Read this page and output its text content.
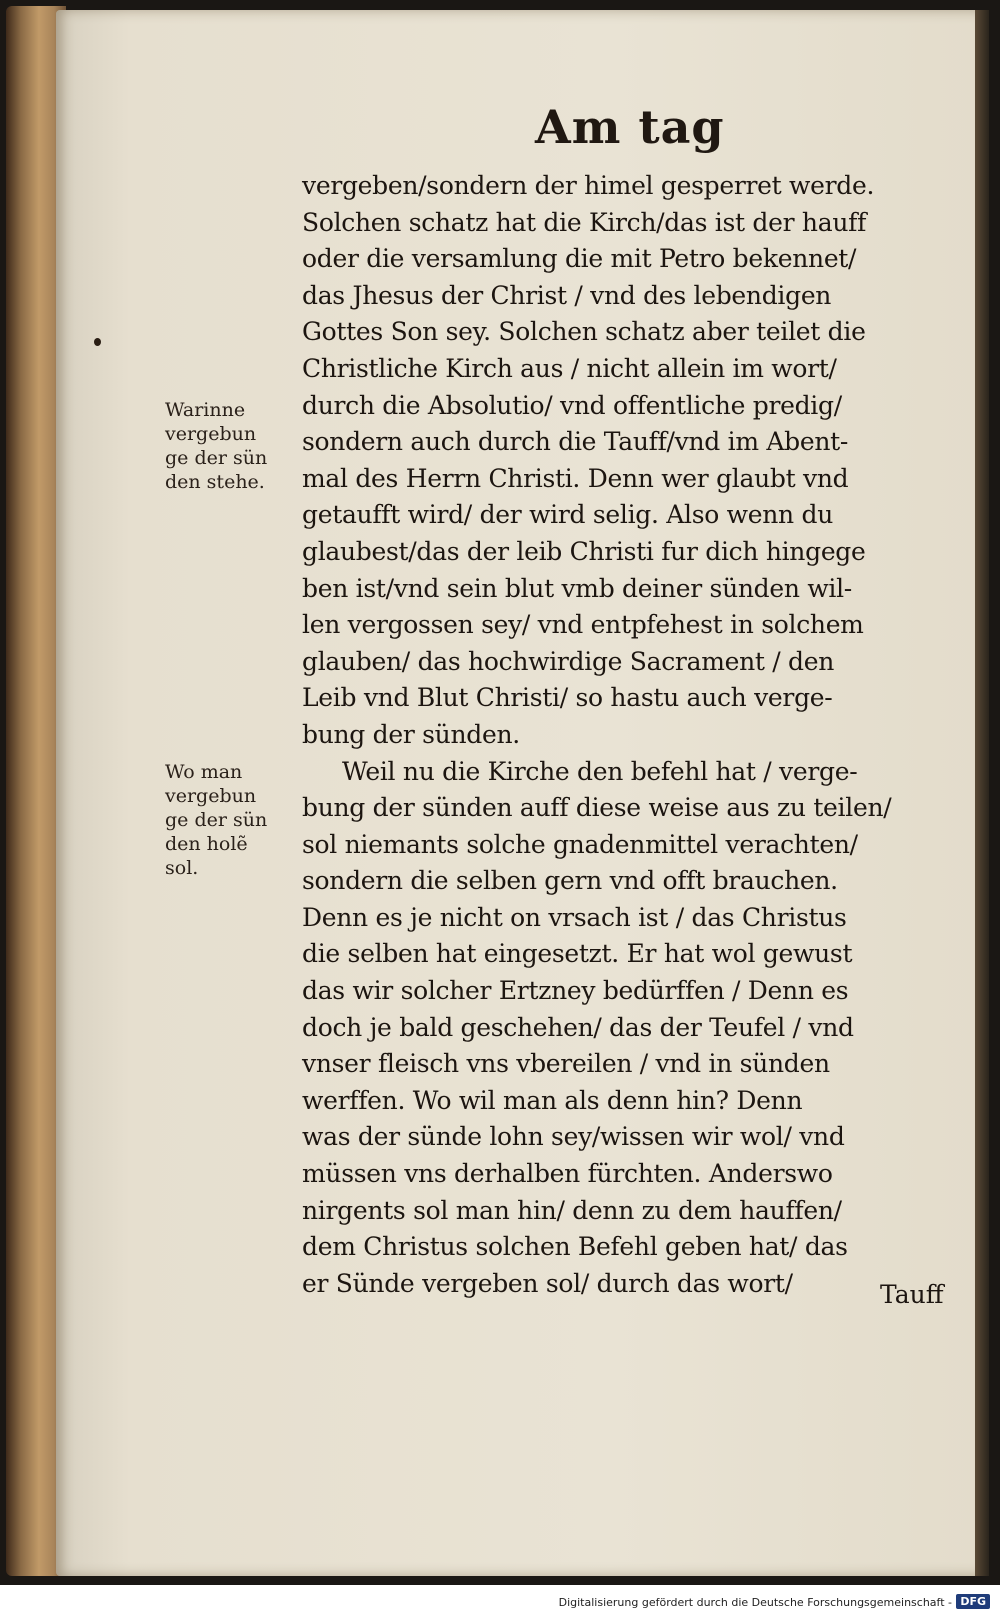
Am tag
vergeben/sondern der himel gesperret werde.
Solchen schatz hat die Kirch/das ist der hauff
oder die versamlung die mit Petro bekennet/
das Jhesus der Christ / vnd des lebendigen
Gottes Son sey. Solchen schatz aber teilet die
Christliche Kirch aus / nicht allein im wort/
durch die Absolutio/ vnd offentliche predig/
sondern auch durch die Tauff/vnd im Abent-
mal des Herrn Christi. Denn wer glaubt vnd
getaufft wird/ der wird selig. Also wenn du
glaubest/das der leib Christi fur dich hingege
ben ist/vnd sein blut vmb deiner sünden wil-
len vergossen sey/ vnd entpfehest in solchem
glauben/ das hochwirdige Sacrament / den
Leib vnd Blut Christi/ so hastu auch verge-
bung der sünden.
Weil nu die Kirche den befehl hat / verge-
bung der sünden auff diese weise aus zu teilen/
sol niemants solche gnadenmittel verachten/
sondern die selben gern vnd offt brauchen.
Denn es je nicht on vrsach ist / das Christus
die selben hat eingesetzt. Er hat wol gewust
das wir solcher Ertzney bedürffen / Denn es
doch je bald geschehen/ das der Teufel / vnd
vnser fleisch vns vbereilen / vnd in sünden
werffen. Wo wil man als denn hin? Denn
was der sünde lohn sey/wissen wir wol/ vnd
müssen vns derhalben fürchten. Anderswo
nirgents sol man hin/ denn zu dem hauffen/
dem Christus solchen Befehl geben hat/ das
er Sünde vergeben sol/ durch das wort/	Tauff
Warinne
vergebun
ge der sün
den stehe.
Wo man
vergebun
ge der sün
den holẽ
sol.
Digitalisierung gefördert durch die Deutsche Forschungsgemeinschaft - DFG
